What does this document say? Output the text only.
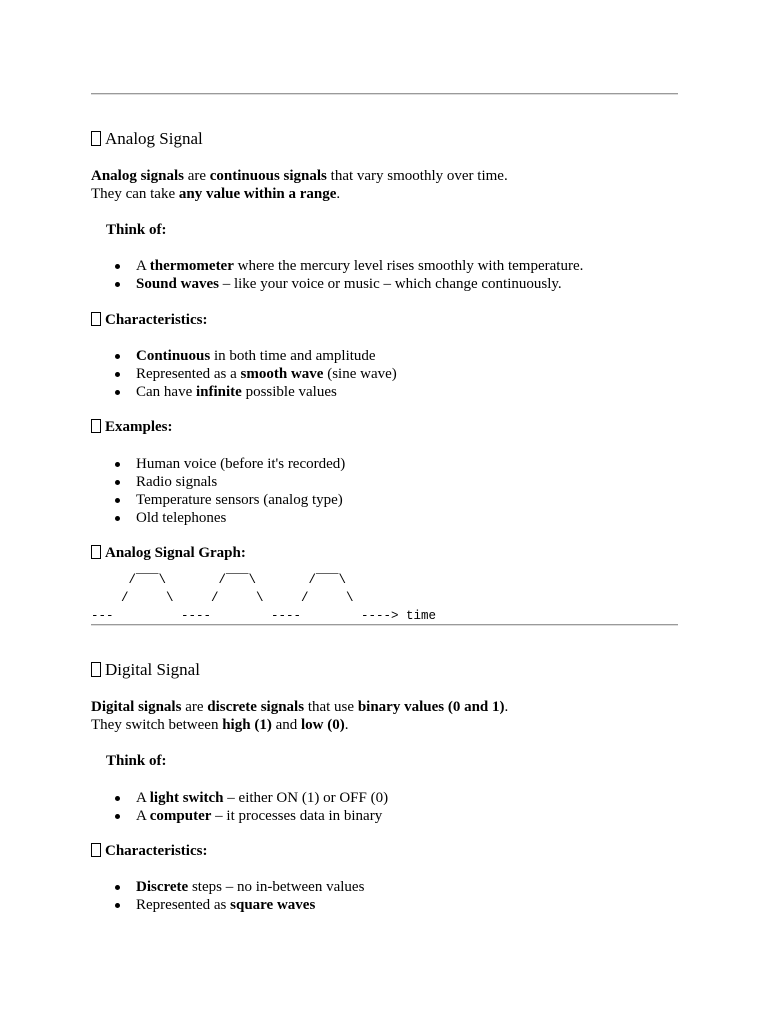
Analog Signal

Analog signals are continuous signals that vary smoothly over time.

They can take any value within a range.

Think of:

A thermometer where the mercury level rises smoothly with temperature.
Sound waves – like your voice or music – which change continuously.
Characteristics:
Continuous in both time and amplitude
Represented as a smooth wave (sine wave)
Can have infinite possible values
Examples:
Human voice (before it's recorded)
Radio signals
Temperature sensors (analog type)
Old telephones
Analog Signal Graph:
/‾‾‾\       /‾‾‾\       /‾‾‾\
/     \     /     \     /     \
---         ----        ----        ----> time
Digital Signal

Digital signals are discrete signals that use binary values (0 and 1).

They switch between high (1) and low (0).

Think of:

A light switch – either ON (1) or OFF (0)
A computer – it processes data in binary
Characteristics:
Discrete steps – no in-between values
Represented as square waves
